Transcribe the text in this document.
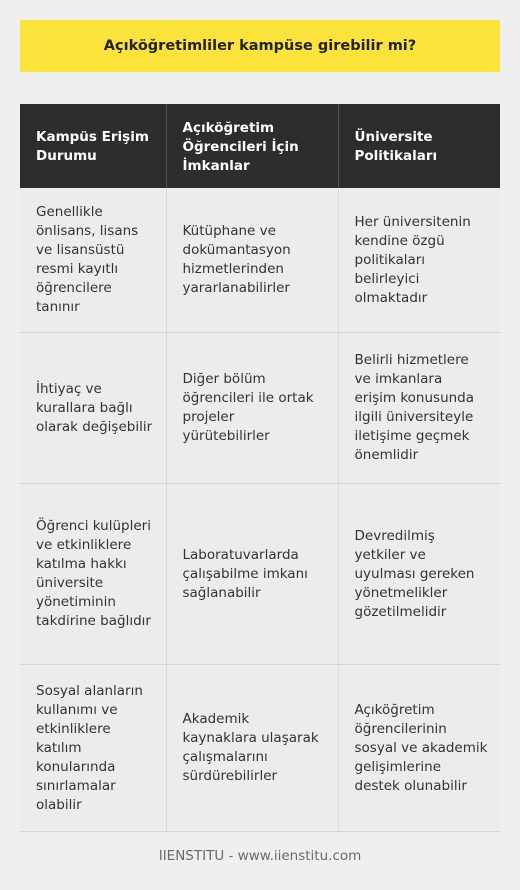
Açıköğretimliler kampüse girebilir mi?
Kampüs Erişim Durumu	Açıköğretim Öğrencileri İçin İmkanlar	Üniversite Politikaları
Genellikle önlisans, lisans ve lisansüstü resmi kayıtlı öğrencilere tanınır	Kütüphane ve dokümantasyon hizmetlerinden yararlanabilirler	Her üniversitenin kendine özgü politikaları belirleyici olmaktadır
İhtiyaç ve kurallara bağlı olarak değişebilir	Diğer bölüm öğrencileri ile ortak projeler yürütebilirler	Belirli hizmetlere ve imkanlara erişim konusunda ilgili üniversiteyle iletişime geçmek önemlidir
Öğrenci kulüpleri ve etkinliklere katılma hakkı üniversite yönetiminin takdirine bağlıdır	Laboratuvarlarda çalışabilme imkanı sağlanabilir	Devredilmiş yetkiler ve uyulması gereken yönetmelikler gözetilmelidir
Sosyal alanların kullanımı ve etkinliklere katılım konularında sınırlamalar olabilir	Akademik kaynaklara ulaşarak çalışmalarını sürdürebilirler	Açıköğretim öğrencilerinin sosyal ve akademik gelişimlerine destek olunabilir
IIENSTITU - www.iienstitu.com
